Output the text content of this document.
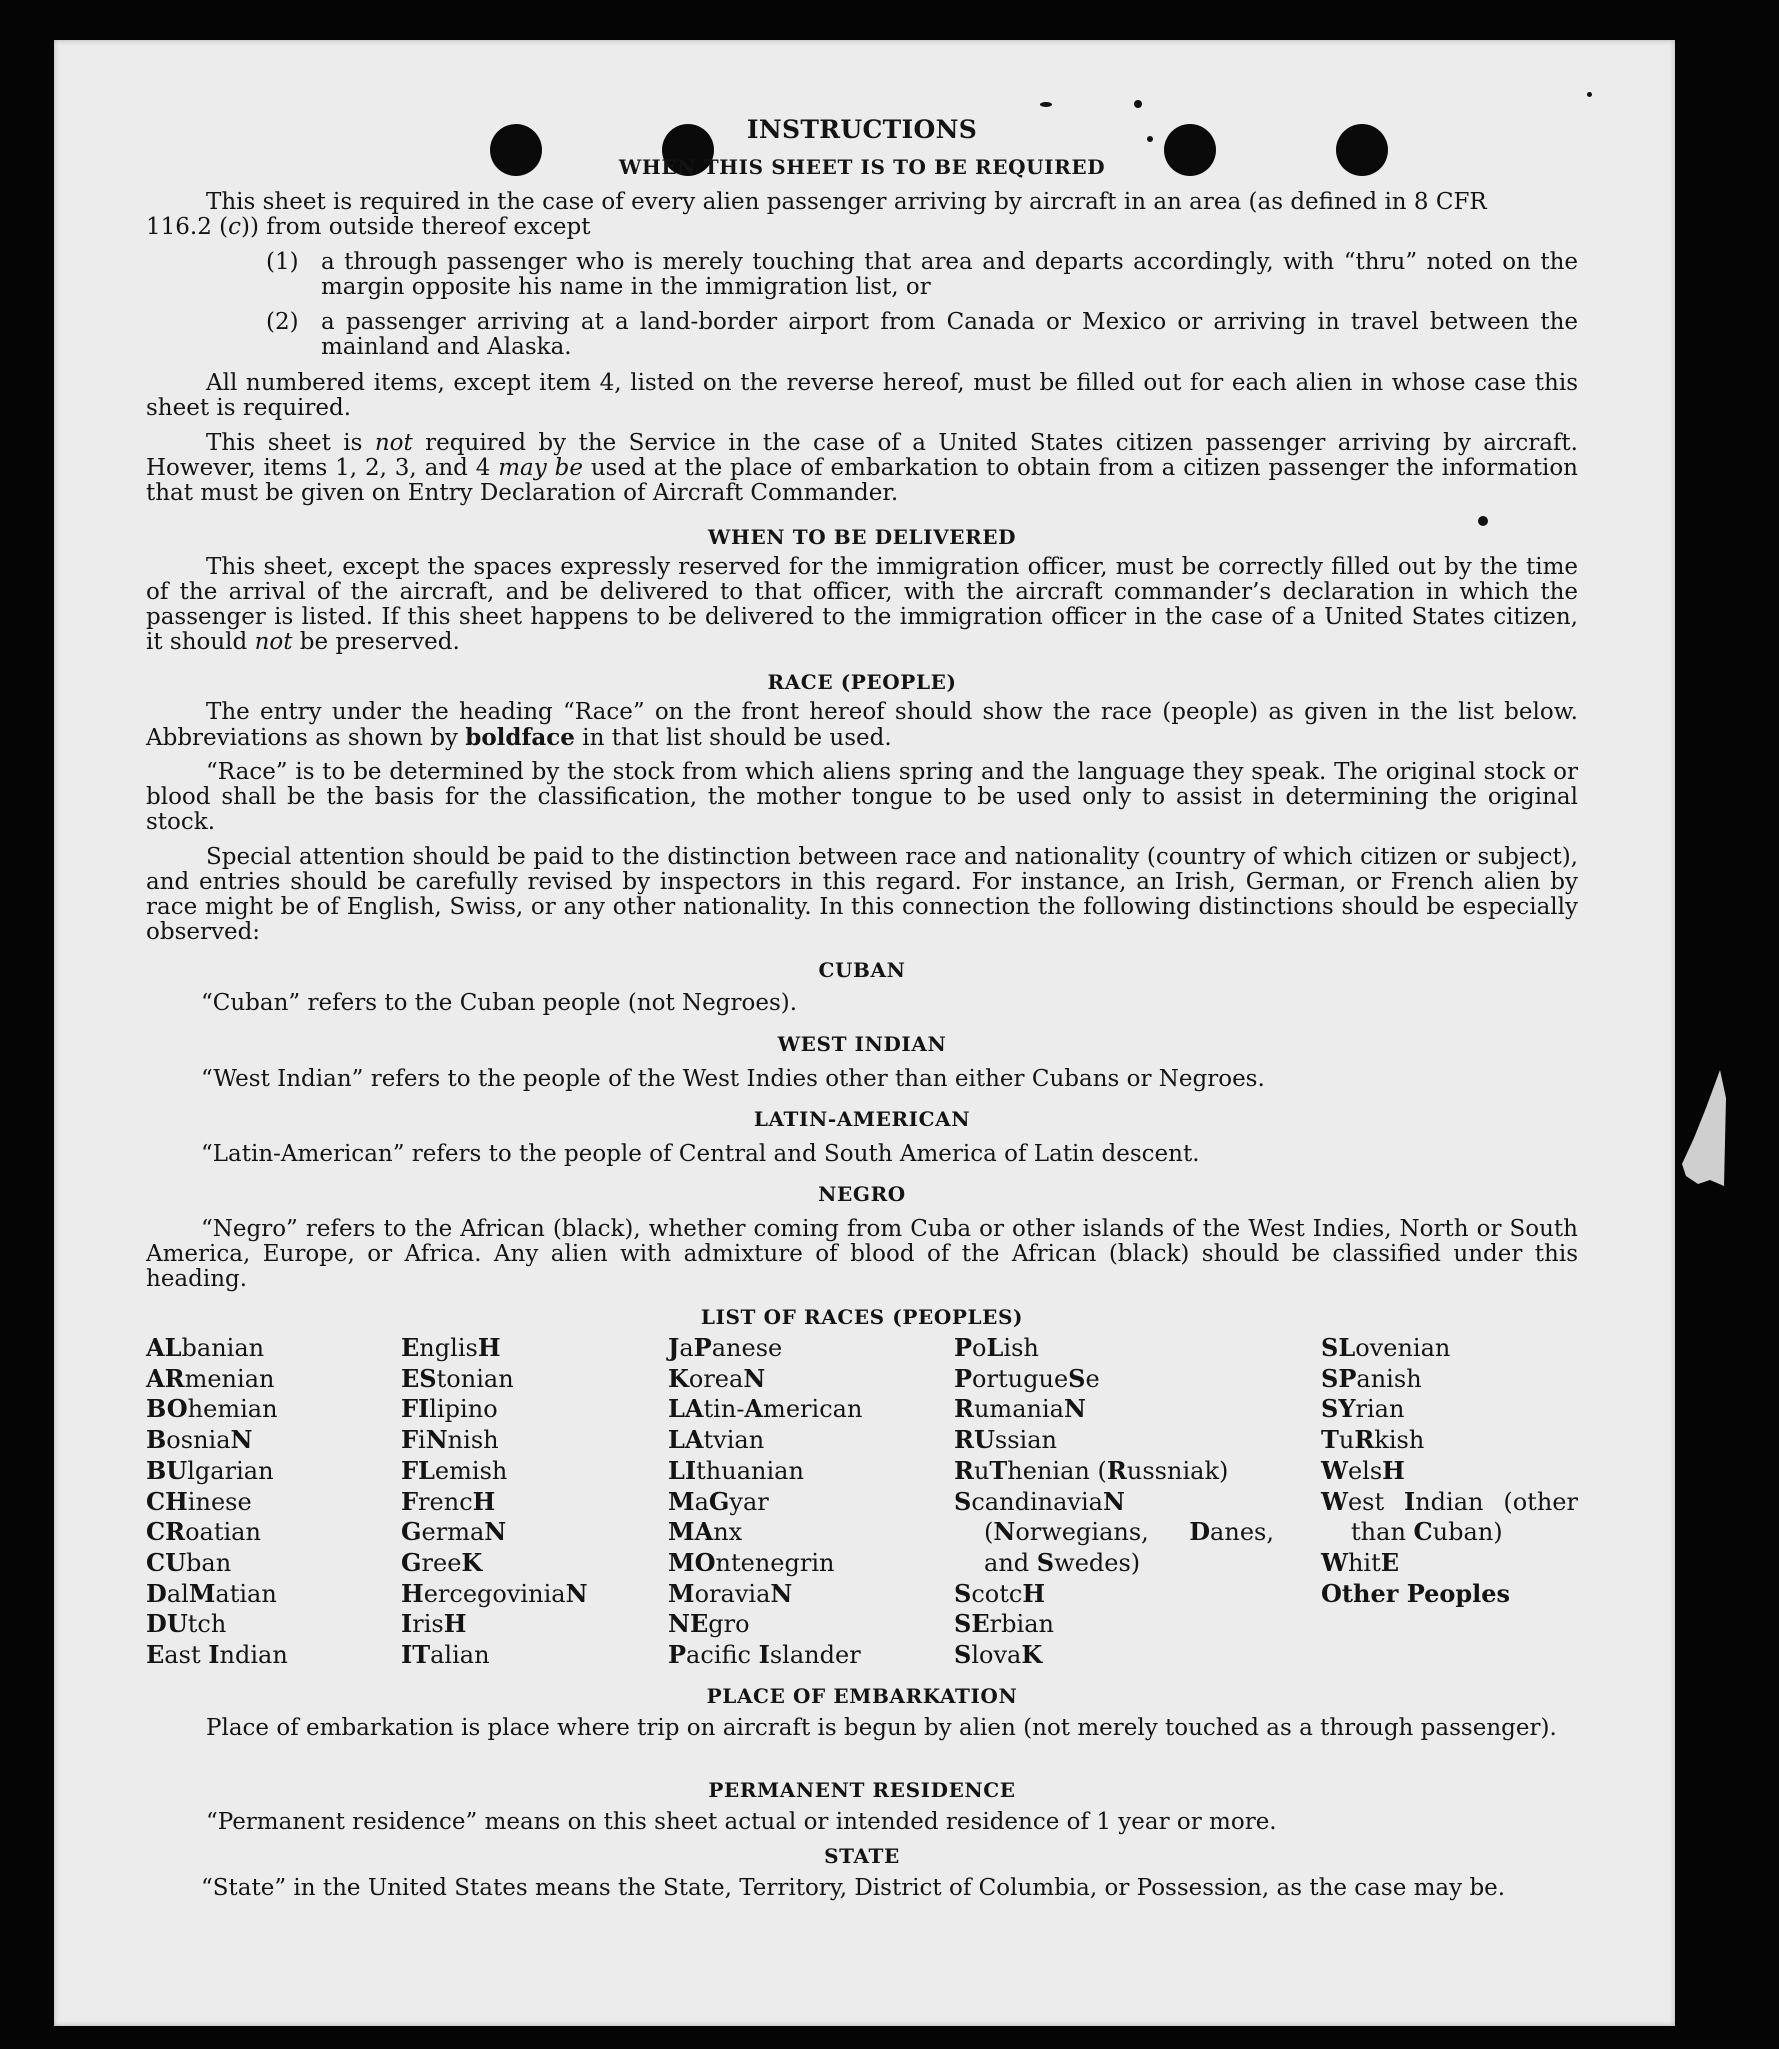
INSTRUCTIONS
WHEN THIS SHEET IS TO BE REQUIRED
This sheet is required in the case of every alien passenger arriving by aircraft in an area (as defined in 8 CFR
116.2 (c)) from outside thereof except
(1) a through passenger who is merely touching that area and departs accordingly, with “thru” noted on the margin opposite his name in the immigration list, or
(2) a passenger arriving at a land-border airport from Canada or Mexico or arriving in travel between the mainland and Alaska.
All numbered items, except item 4, listed on the reverse hereof, must be filled out for each alien in whose case this sheet is required.
This sheet is not required by the Service in the case of a United States citizen passenger arriving by aircraft. However, items 1, 2, 3, and 4 may be used at the place of embarkation to obtain from a citizen passenger the information that must be given on Entry Declaration of Aircraft Commander.
WHEN TO BE DELIVERED
This sheet, except the spaces expressly reserved for the immigration officer, must be correctly filled out by the time of the arrival of the aircraft, and be delivered to that officer, with the aircraft commander’s declaration in which the passenger is listed. If this sheet happens to be delivered to the immigration officer in the case of a United States citizen, it should not be preserved.
RACE (PEOPLE)
The entry under the heading “Race” on the front hereof should show the race (people) as given in the list below. Abbreviations as shown by boldface in that list should be used.
“Race” is to be determined by the stock from which aliens spring and the language they speak. The original stock or blood shall be the basis for the classification, the mother tongue to be used only to assist in determining the original stock.
Special attention should be paid to the distinction between race and nationality (country of which citizen or subject), and entries should be carefully revised by inspectors in this regard. For instance, an Irish, German, or French alien by race might be of English, Swiss, or any other nationality. In this connection the following distinctions should be especially observed:
CUBAN
“Cuban” refers to the Cuban people (not Negroes).
WEST INDIAN
“West Indian” refers to the people of the West Indies other than either Cubans or Negroes.
LATIN-AMERICAN
“Latin-American” refers to the people of Central and South America of Latin descent.
NEGRO
“Negro” refers to the African (black), whether coming from Cuba or other islands of the West Indies, North or South America, Europe, or Africa. Any alien with admixture of blood of the African (black) should be classified under this heading.
LIST OF RACES (PEOPLES)
ALbanian
ARmenian
BOhemian
BosniaN
BUlgarian
CHinese
CRoatian
CUban
DalMatian
DUtch
East Indian
EnglisH
EStonian
FIlipino
FiNnish
FLemish
FrencH
GermaN
GreeK
HercegoviniaN
IrisH
ITalian
JaPanese
KoreaN
LAtin-American
LAtvian
LIthuanian
MaGyar
MAnx
MOntenegrin
MoraviaN
NEgro
Pacifc Islander
PoLish
PortugueSe
RumaniaN
RUssian
RuThenian (Russniak)
ScandinaviaN (Norwegians, Danes, and Swedes)
ScotcH
SErbian
SlovaK
SLovenian
SPanish
SYrian
TuRkish
WelsH
West Indian (other than Cuban)
WhitE
Other Peoples
PLACE OF EMBARKATION
Place of embarkation is place where trip on aircraft is begun by alien (not merely touched as a through passenger).
PERMANENT RESIDENCE
“Permanent residence” means on this sheet actual or intended residence of 1 year or more.
STATE
“State” in the United States means the State, Territory, District of Columbia, or Possession, as the case may be.
